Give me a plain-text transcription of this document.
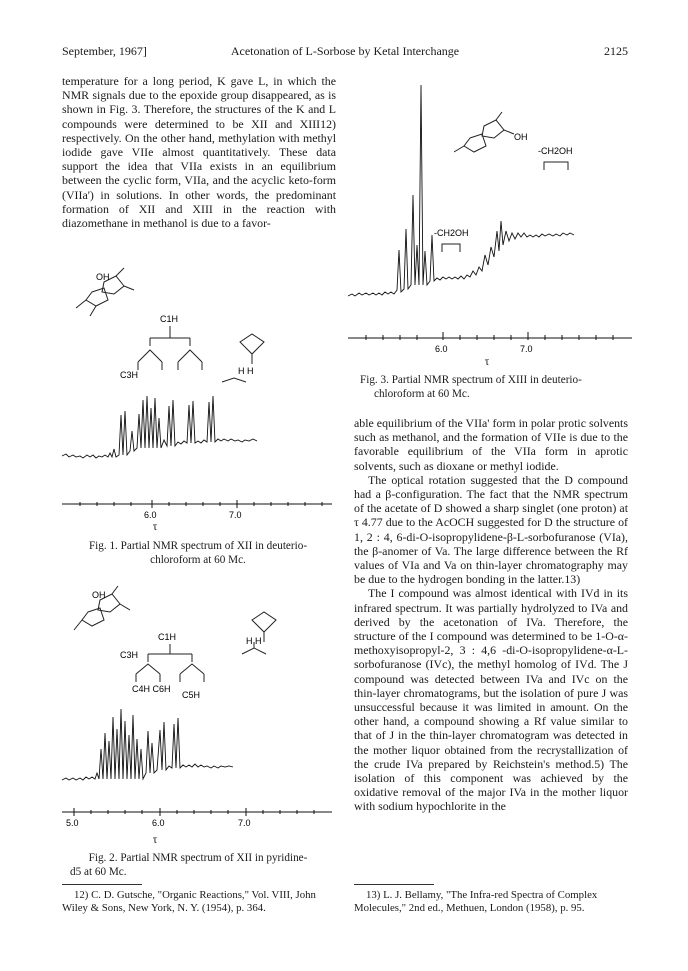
September, 1967]	Acetonation of L-Sorbose by Ketal Interchange	2125

temperature for a long period, K gave L, in which the NMR signals due to the epoxide group disappeared, as is shown in Fig. 3. Therefore, the structures of the K and L compounds were determined to be XII and XIII12) respectively. On the other hand, methylation with methyl iodide gave VIIe almost quantitatively. These data support the idea that VIIa exists in an equilibrium between the cyclic form, VIIa, and the acyclic keto-form (VIIa') in solutions. In other words, the predominant formation of XII and XIII in the reaction with diazomethane in methanol is due to a favor-

OH
C1H
C3H	H H
6.0	7.0
τ
Fig. 1. Partial NMR spectrum of XII in deuterio-
chloroform at 60 Mc.
OH
C1H
C3H
C4H C6H
C5H
H H
5.0	6.0	7.0
τ
Fig. 2. Partial NMR spectrum of XII in pyridine-
d5 at 60 Mc.
12) C. D. Gutsche, "Organic Reactions," Vol. VIII, John Wiley & Sons, New York, N. Y. (1954), p. 364.
OH
-CH2OH
-CH2OH
6.0	7.0
τ
Fig. 3. Partial NMR spectrum of XIII in deuterio-
chloroform at 60 Mc.

able equilibrium of the VIIa' form in polar protic solvents such as methanol, and the formation of VIIe is due to the favorable equilibrium of the VIIa form in aprotic solvents, such as dioxane or methyl iodide.

The optical rotation suggested that the D compound had a β-configuration. The fact that the NMR spectrum of the acetate of D showed a sharp singlet (one proton) at τ 4.77 due to the AcOCH suggested for D the structure of 1, 2 : 4, 6-di-O-isopropylidene-β-L-sorbofuranose (VIa), the β-anomer of Va. The large difference between the Rf values of VIa and Va on thin-layer chromatography may be due to the hydrogen bonding in the latter.13)

The I compound was almost identical with IVd in its infrared spectrum. It was partially hydrolyzed to IVa and derived by the acetonation of IVa. Therefore, the structure of the I compound was determined to be 1-O-α-methoxyisopropyl-2, 3 : 4,6 -di-O-isopropylidene-α-L-sorbofuranose (IVc), the methyl homolog of IVd. The J compound was detected between IVa and IVc on the thin-layer chromatograms, but the isolation of pure J was unsuccessful because it was limited in amount. On the other hand, a compound showing a Rf value similar to that of J in the thin-layer chromatogram was detected in the mother liquor obtained from the recrystallization of the crude IVa prepared by Reichstein's method.5) The isolation of this component was achieved by the oxidative removal of the major IVa in the mother liquor with sodium hypochlorite in the

13) L. J. Bellamy, "The Infra-red Spectra of Complex Molecules," 2nd ed., Methuen, London (1958), p. 95.
